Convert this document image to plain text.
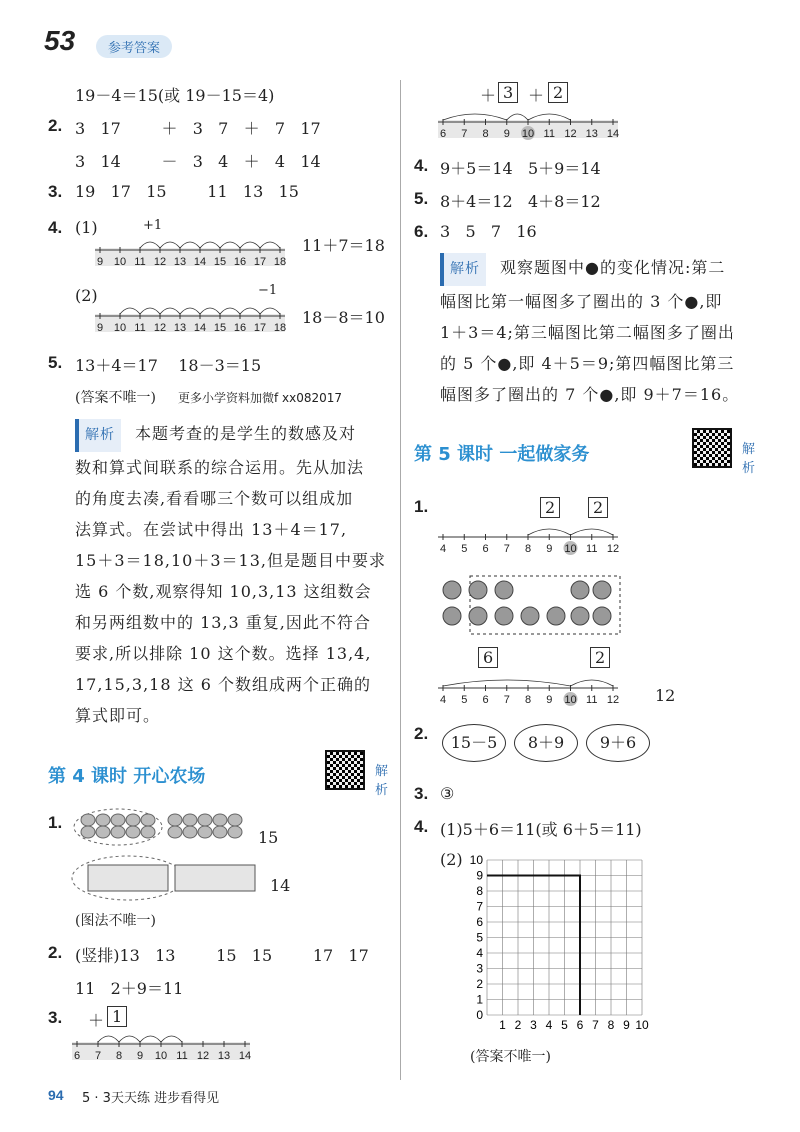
53	参考答案
19－4＝15(或 19－15＝4)
2. 3   17        ＋   3   7   ＋   7   17
3   14        －   3   4   ＋   4   14
3. 19   17   15        11   13   15
4. (1)	+1
9 10 11 12 13 14 15 16 17 18
11＋7＝18
(2)	−1
9 10 11 12 13 14 15 16 17 18
18－8＝10
5. 13＋4＝17    18－3＝15
(答案不唯一) 更多小学资料加微f xx082017
解析 本题考查的是学生的数感及对
数和算式间联系的综合运用。先从加法
的角度去凑,看看哪三个数可以组成加
法算式。在尝试中得出 13＋4＝17,
15＋3＝18,10＋3＝13,但是题目中要求
选 6 个数,观察得知 10,3,13 这组数会
和另两组数中的 13,3 重复,因此不符合
要求,所以排除 10 这个数。选择 13,4,
17,15,3,18 这 6 个数组成两个正确的
算式即可。
第 4 课时 开心农场	解析
1.
15
14
(图法不唯一)
2. (竖排)13   13        15   15        17   17
11   2＋9＝11
3. ＋ 1
6 7 8 9 10 11 12 13 14
＋ 3 ＋ 2
6 7 8 9 10 11 12 13 14
4. 9＋5＝14   5＋9＝14
5. 8＋4＝12   4＋8＝12
6. 3   5   7   16
解析 观察题图中●的变化情况:第二
幅图比第一幅图多了圈出的 3 个●,即
1＋3＝4;第三幅图比第二幅图多了圈出
的 5 个●,即 4＋5＝9;第四幅图比第三
幅图多了圈出的 7 个●,即 9＋7＝16。
第 5 课时 一起做家务	解析
1.	2	2
4 5 6 7 8 9 10 11 12
6	2
4 5 6 7 8 9 10 11 12 12
2.	15－5	8＋9	9＋6
3. ③
4. (1)5＋6＝11(或 6＋5＝11)
(2)
0
1
1
2
2
3
3
4
4
5
5
6
6
7
7
8
8
9
9
10
10
(答案不唯一)
94 5 · 3天天练 进步看得见
